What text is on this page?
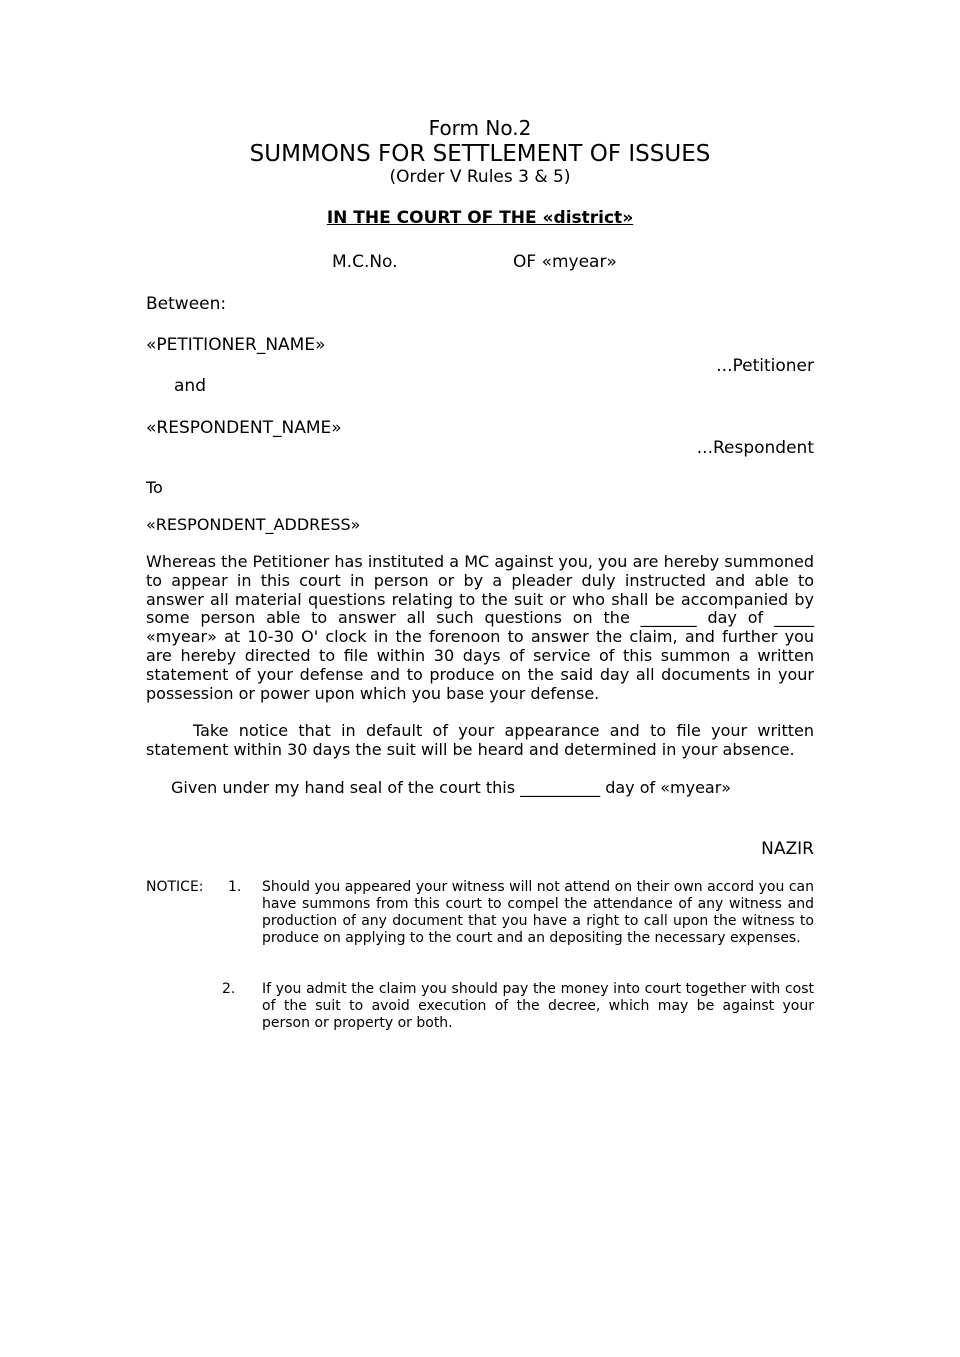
Form No.2
SUMMONS FOR SETTLEMENT OF ISSUES
(Order V Rules 3 & 5)
IN THE COURT OF THE «district»
M.C.No.	OF «myear»
Between:
«PETITIONER_NAME»
...Petitioner
and
«RESPONDENT_NAME»
...Respondent
To
«RESPONDENT_ADDRESS»
Whereas the Petitioner has instituted a MC against you, you are hereby summoned to appear in this court in person or by a pleader duly instructed and able to answer all material questions relating to the suit or who shall be accompanied by some person able to answer all such questions on the _______ day of _____ «myear» at 10-30 O' clock in the forenoon to answer the claim, and further you are hereby directed to file within 30 days of service of this summon a written statement of your defense and to produce on the said day all documents in your possession or power upon which you base your defense.
Take notice that in default of your appearance and to file your written statement within 30 days the suit will be heard and determined in your absence.
Given under my hand seal of the court this __________ day of «myear»
NAZIR
NOTICE: 1. Should you appeared your witness will not attend on their own accord you can have summons from this court to compel the attendance of any witness and production of any document that you have a right to call upon the witness to produce on applying to the court and an depositing the necessary expenses.
2. If you admit the claim you should pay the money into court together with cost of the suit to avoid execution of the decree, which may be against your person or property or both.
